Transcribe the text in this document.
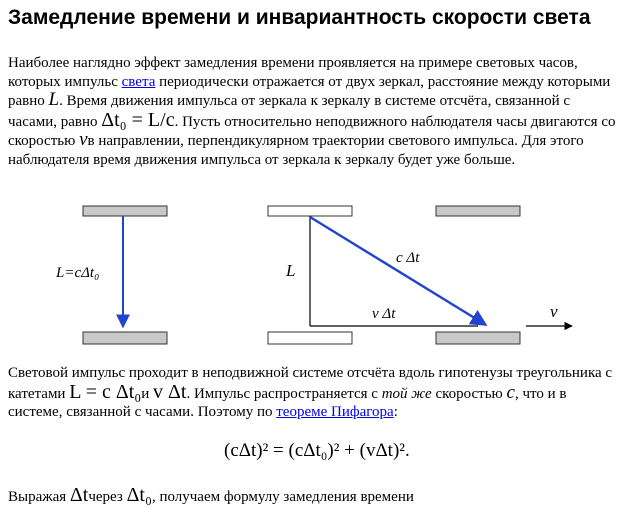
Замедление времени и инвариантность скорости света

Наиболее наглядно эффект замедления времени проявляется на примере световых часов, которых импульс света периодически отражается от двух зеркал, расстояние между которыми равно L. Время движения импульса от зеркала к зеркалу в системе отсчёта, связанной с часами, равно Δt₀ = L/c. Пусть относительно неподвижного наблюдателя часы двигаются со скоростью vв направлении, перпендикулярном траектории светового импульса. Для этого наблюдателя время движения импульса от зеркала к зеркалу будет уже больше.

L=cΔt₀	L
c Δt
v Δt	v

Световой импульс проходит в неподвижной системе отсчёта вдоль гипотенузы треугольника с катетами L = c Δt₀и v Δt. Импульс распространяется с той же скоростью c, что и в системе, связанной с часами. Поэтому по теореме Пифагора:

(cΔt)² = (cΔt₀)² + (vΔt)².

Выражая Δtчерез Δt₀, получаем формулу замедления времени
